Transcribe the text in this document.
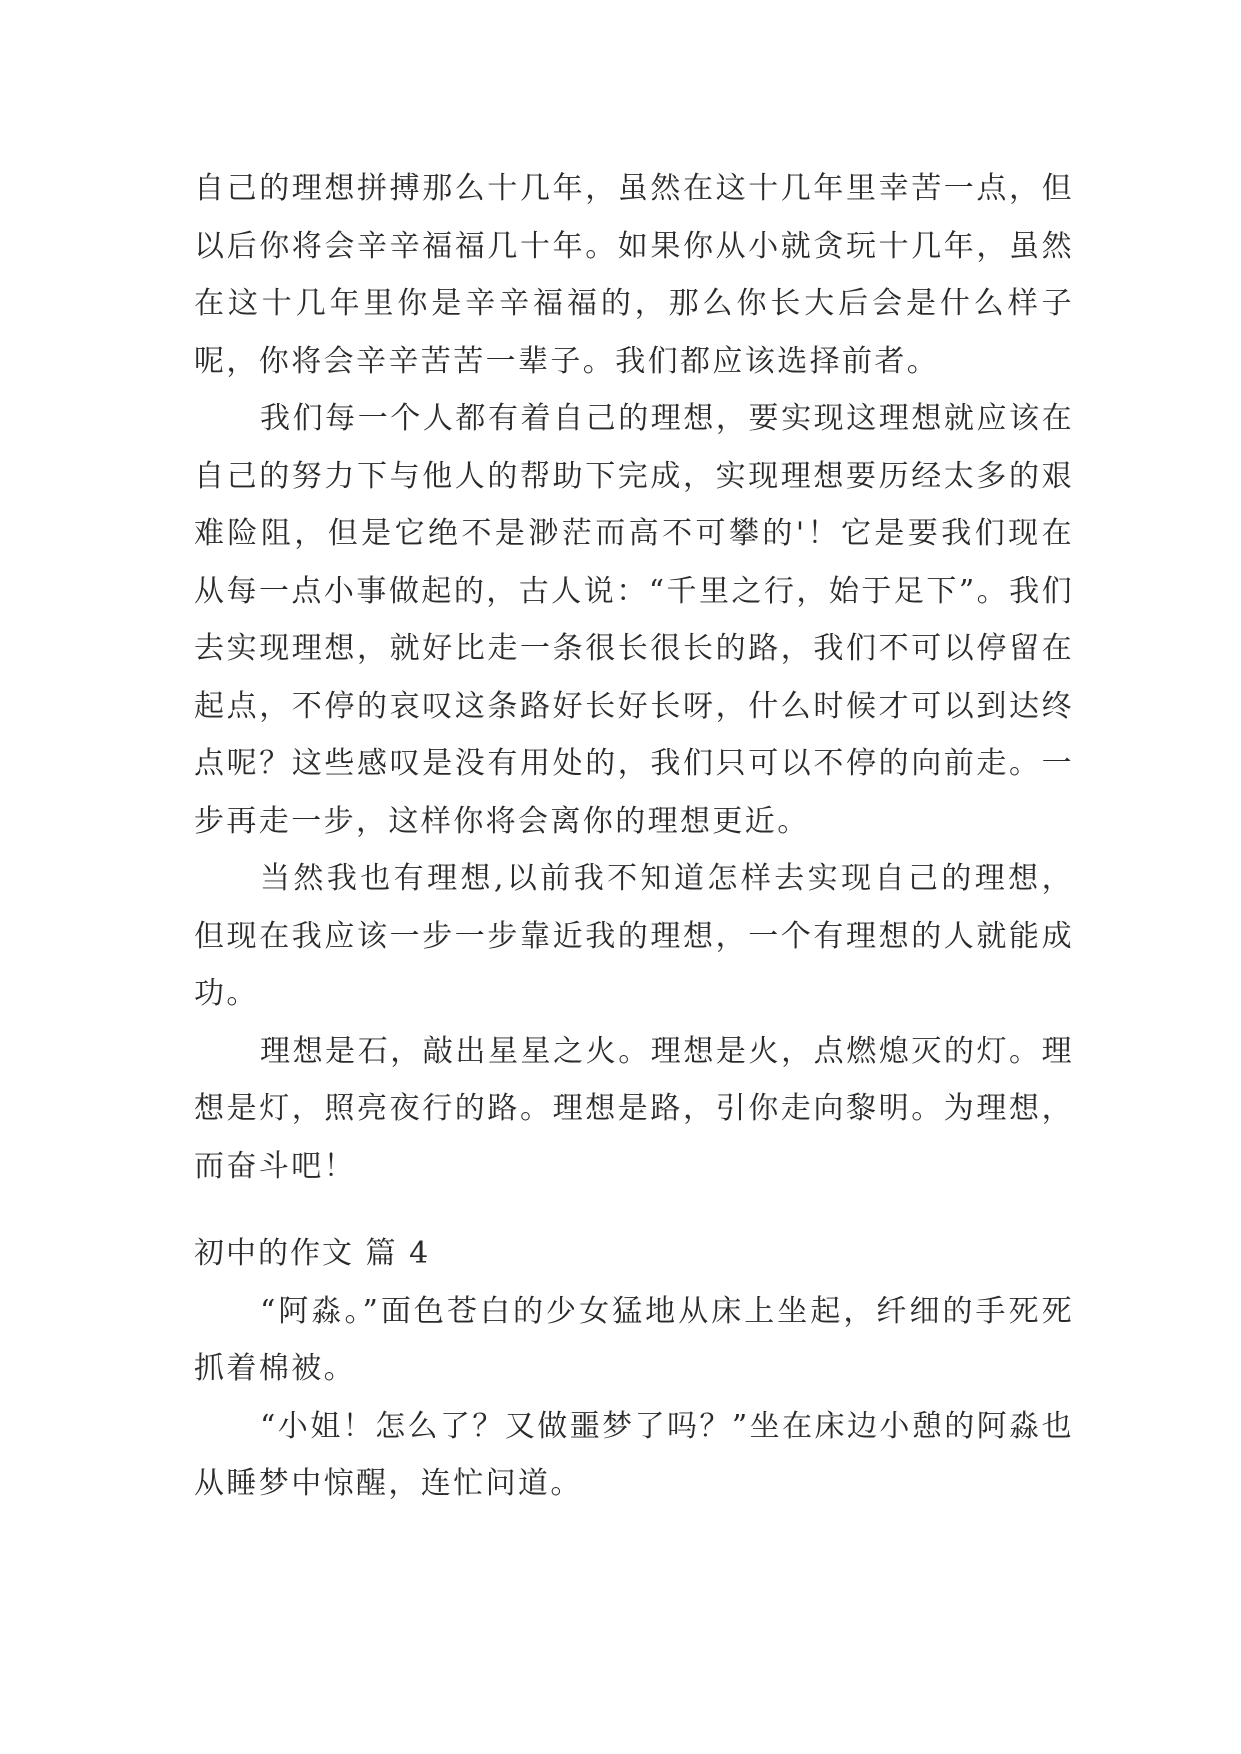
自己的理想拼搏那么十几年，虽然在这十几年里幸苦一点，但以后你将会辛辛福福几十年。如果你从小就贪玩十几年，虽然在这十几年里你是辛辛福福的，那么你长大后会是什么样子呢，你将会辛辛苦苦一辈子。我们都应该选择前者。

我们每一个人都有着自己的理想，要实现这理想就应该在自己的努力下与他人的帮助下完成，实现理想要历经太多的艰难险阻，但是它绝不是渺茫而高不可攀的'！它是要我们现在从每一点小事做起的，古人说：“千里之行，始于足下”。我们去实现理想，就好比走一条很长很长的路，我们不可以停留在起点，不停的哀叹这条路好长好长呀，什么时候才可以到达终点呢？这些感叹是没有用处的，我们只可以不停的向前走。一步再走一步，这样你将会离你的理想更近。

当然我也有理想,以前我不知道怎样去实现自己的理想，但现在我应该一步一步靠近我的理想，一个有理想的人就能成功。

理想是石，敲出星星之火。理想是火，点燃熄灭的灯。理想是灯，照亮夜行的路。理想是路，引你走向黎明。为理想，而奋斗吧！

初中的作文 篇 4

“阿淼。”面色苍白的少女猛地从床上坐起，纤细的手死死抓着棉被。

“小姐！怎么了？又做噩梦了吗？”坐在床边小憩的阿淼也从睡梦中惊醒，连忙问道。
